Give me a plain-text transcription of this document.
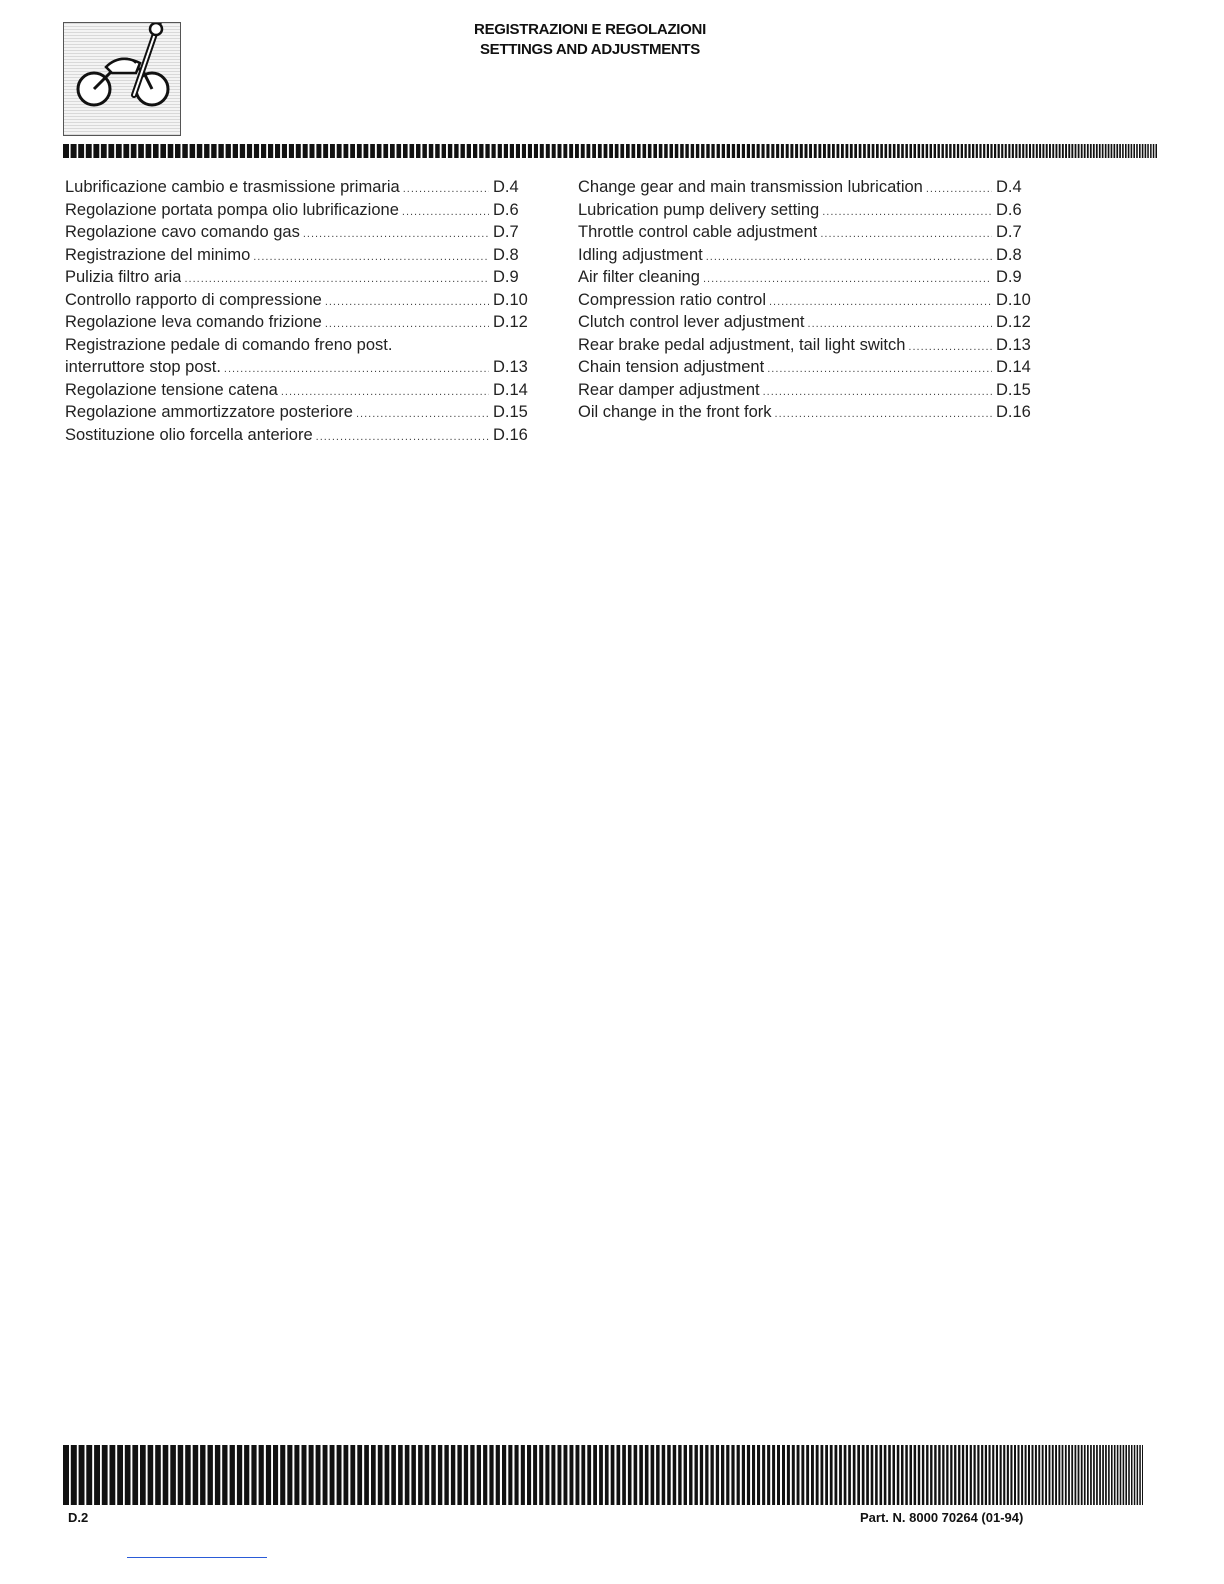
REGISTRAZIONI E REGOLAZIONI
SETTINGS AND ADJUSTMENTS
Lubrificazione cambio e trasmissione primaria .....	D.4
Regolazione portata pompa olio lubrificazione .....	D.6
Regolazione cavo comando gas .....	D.7
Registrazione del minimo .....	D.8
Pulizia filtro aria .....	D.9
Controllo rapporto di compressione .....	D.10
Regolazione leva comando frizione .....	D.12
Registrazione pedale di comando freno post.
interruttore stop post. .....	D.13
Regolazione tensione catena .....	D.14
Regolazione ammortizzatore posteriore .....	D.15
Sostituzione olio forcella anteriore .....	D.16
Change gear and main transmission lubrication .....	D.4
Lubrication pump delivery setting .....	D.6
Throttle control cable adjustment .....	D.7
Idling adjustment .....	D.8
Air filter cleaning .....	D.9
Compression ratio control .....	D.10
Clutch control lever adjustment .....	D.12
Rear brake pedal adjustment, tail light switch .....	D.13
Chain tension adjustment .....	D.14
Rear damper adjustment .....	D.15
Oil change in the front fork .....	D.16
D.2	Part. N. 8000 70264 (01-94)
